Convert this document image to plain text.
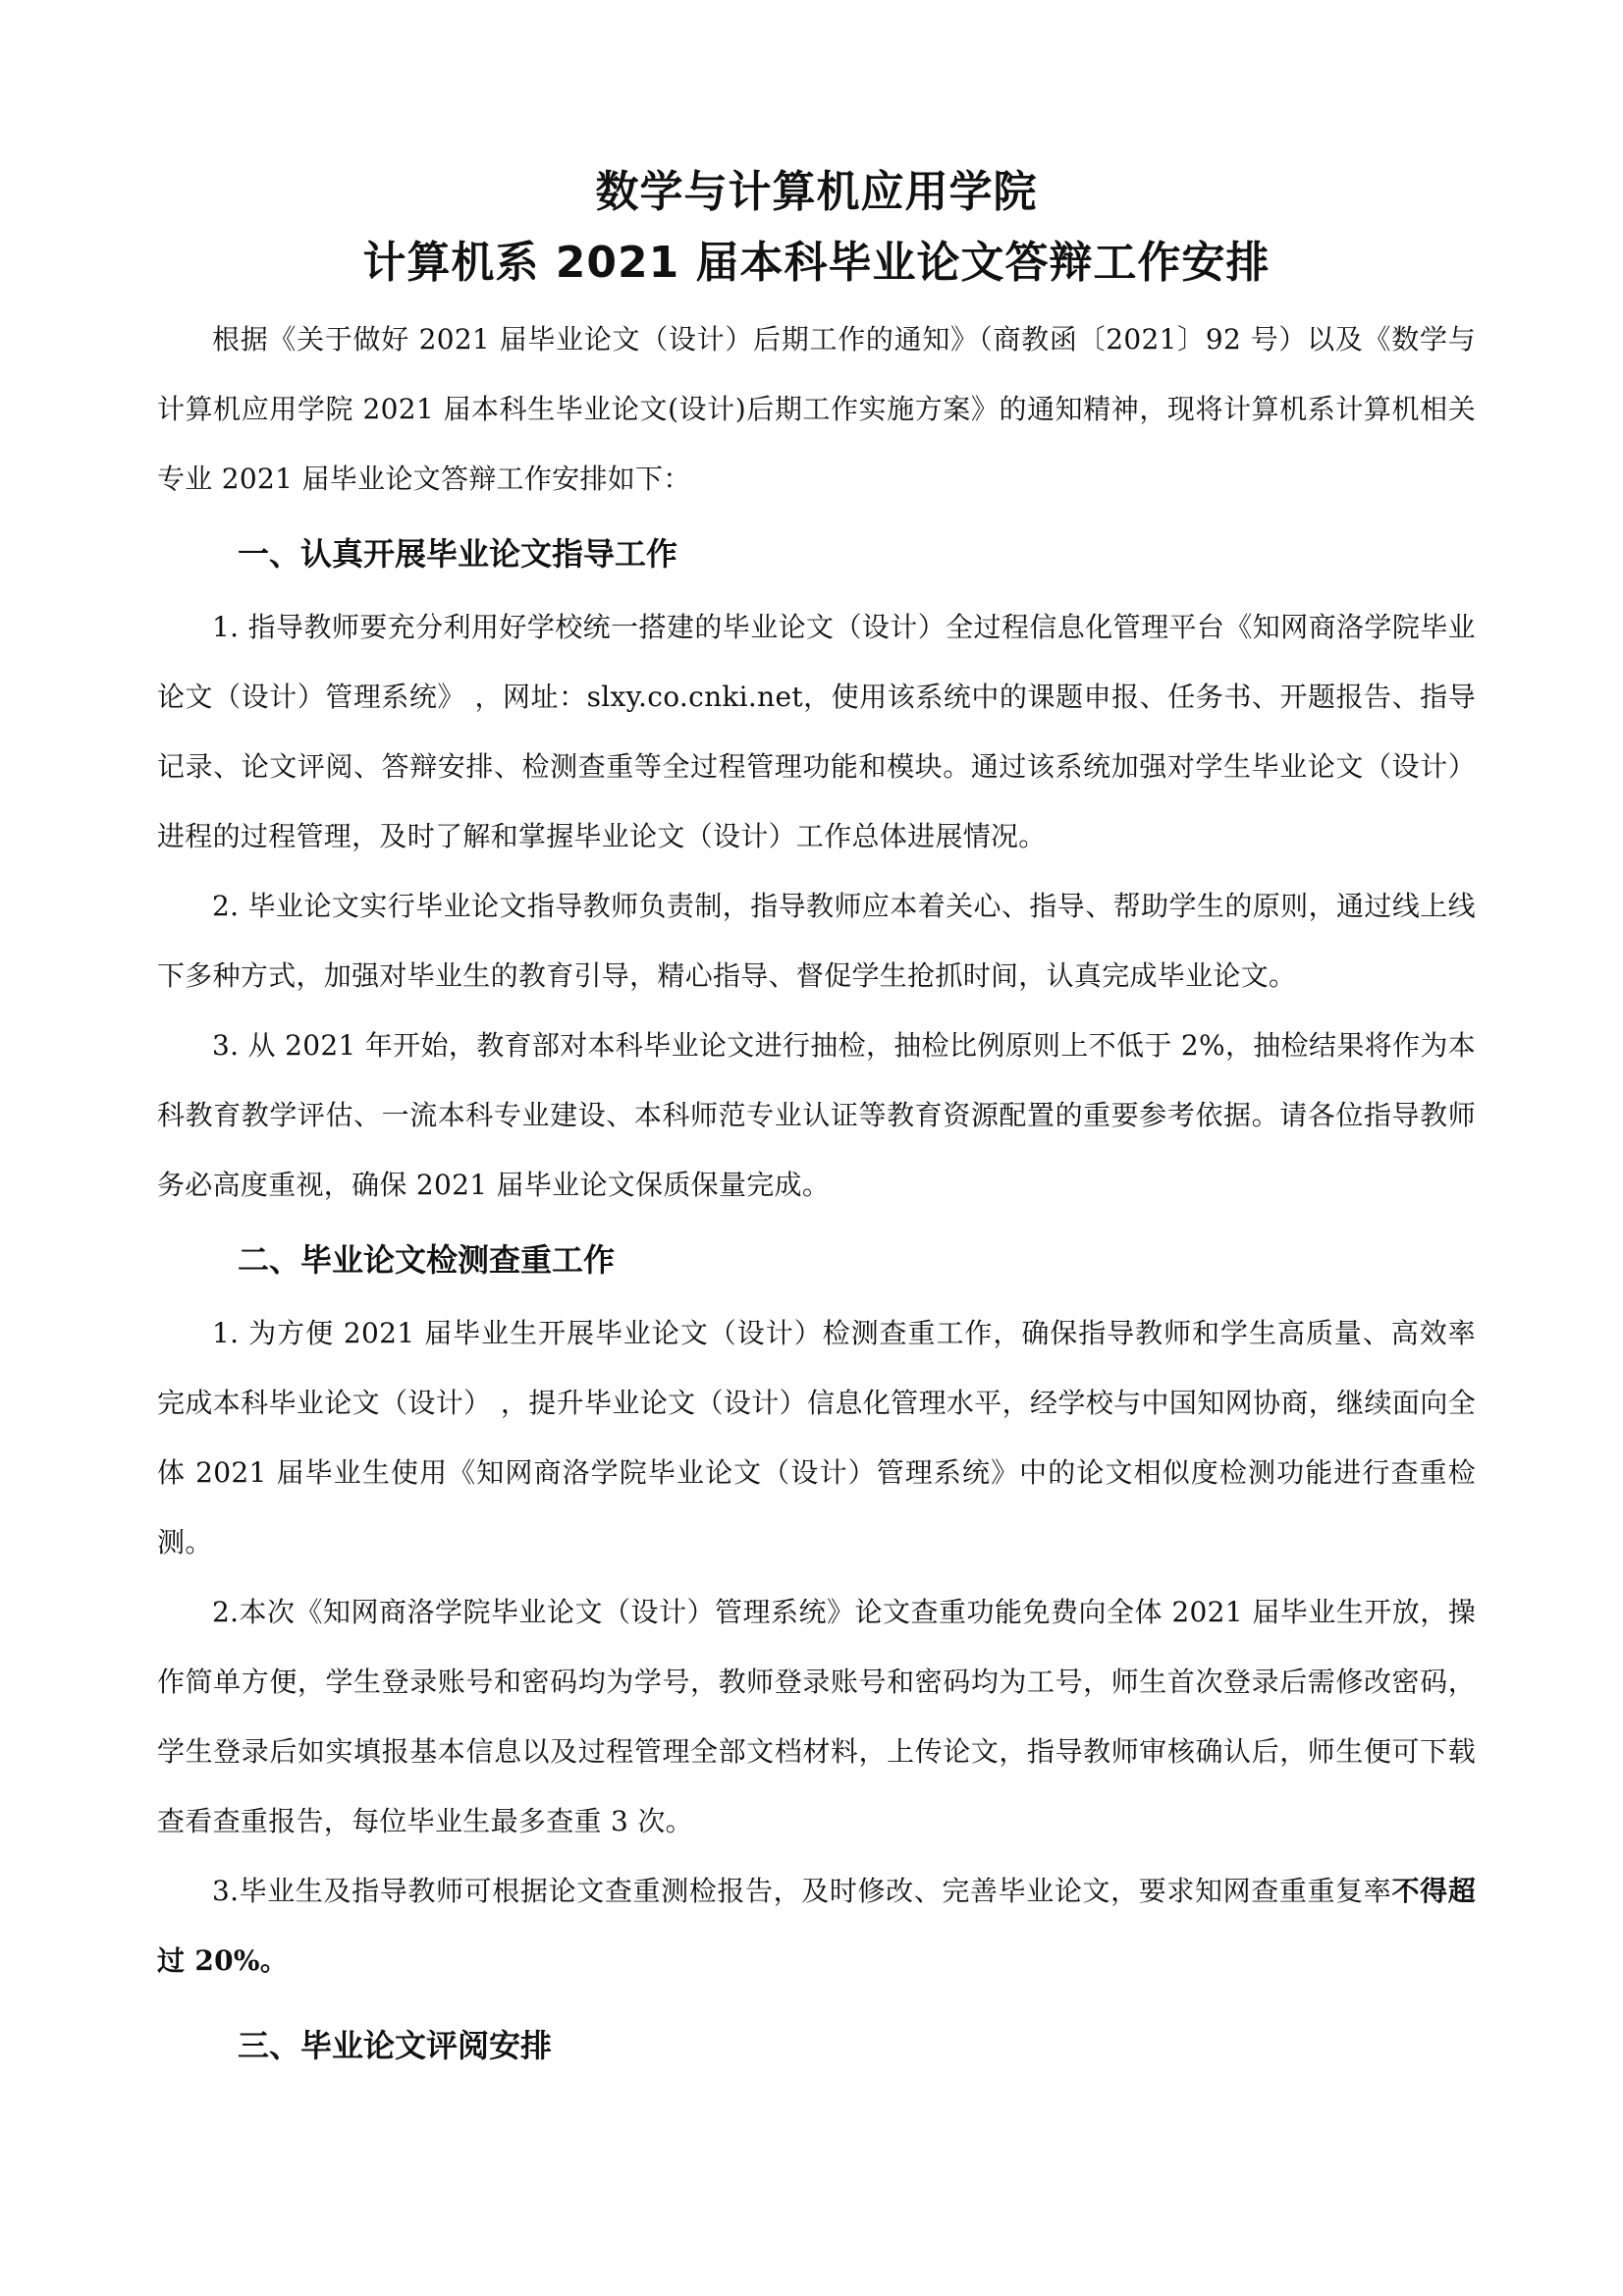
数学与计算机应用学院
计算机系 2021 届本科毕业论文答辩工作安排

根据《关于做好 2021 届毕业论文（设计）后期工作的通知》（商教函〔2021〕92 号）以及《数学与计算机应用学院 2021 届本科生毕业论文(设计)后期工作实施方案》的通知精神，现将计算机系计算机相关专业 2021 届毕业论文答辩工作安排如下：

一、认真开展毕业论文指导工作

1. 指导教师要充分利用好学校统一搭建的毕业论文（设计）全过程信息化管理平台《知网商洛学院毕业论文（设计）管理系统》 ，网址：slxy.co.cnki.net，使用该系统中的课题申报、任务书、开题报告、指导记录、论文评阅、答辩安排、检测查重等全过程管理功能和模块。通过该系统加强对学生毕业论文（设计）进程的过程管理，及时了解和掌握毕业论文（设计）工作总体进展情况。

2. 毕业论文实行毕业论文指导教师负责制，指导教师应本着关心、指导、帮助学生的原则，通过线上线下多种方式，加强对毕业生的教育引导，精心指导、督促学生抢抓时间，认真完成毕业论文。

3. 从 2021 年开始，教育部对本科毕业论文进行抽检，抽检比例原则上不低于 2%，抽检结果将作为本科教育教学评估、一流本科专业建设、本科师范专业认证等教育资源配置的重要参考依据。请各位指导教师务必高度重视，确保 2021 届毕业论文保质保量完成。

二、毕业论文检测查重工作

1. 为方便 2021 届毕业生开展毕业论文（设计）检测查重工作，确保指导教师和学生高质量、高效率完成本科毕业论文（设计） ，提升毕业论文（设计）信息化管理水平，经学校与中国知网协商，继续面向全体 2021 届毕业生使用《知网商洛学院毕业论文（设计）管理系统》中的论文相似度检测功能进行查重检测。

2.本次《知网商洛学院毕业论文（设计）管理系统》论文查重功能免费向全体 2021 届毕业生开放，操作简单方便，学生登录账号和密码均为学号，教师登录账号和密码均为工号，师生首次登录后需修改密码，学生登录后如实填报基本信息以及过程管理全部文档材料，上传论文，指导教师审核确认后，师生便可下载查看查重报告，每位毕业生最多查重 3 次。

3.毕业生及指导教师可根据论文查重测检报告，及时修改、完善毕业论文，要求知网查重重复率不得超过 20%。

三、毕业论文评阅安排
